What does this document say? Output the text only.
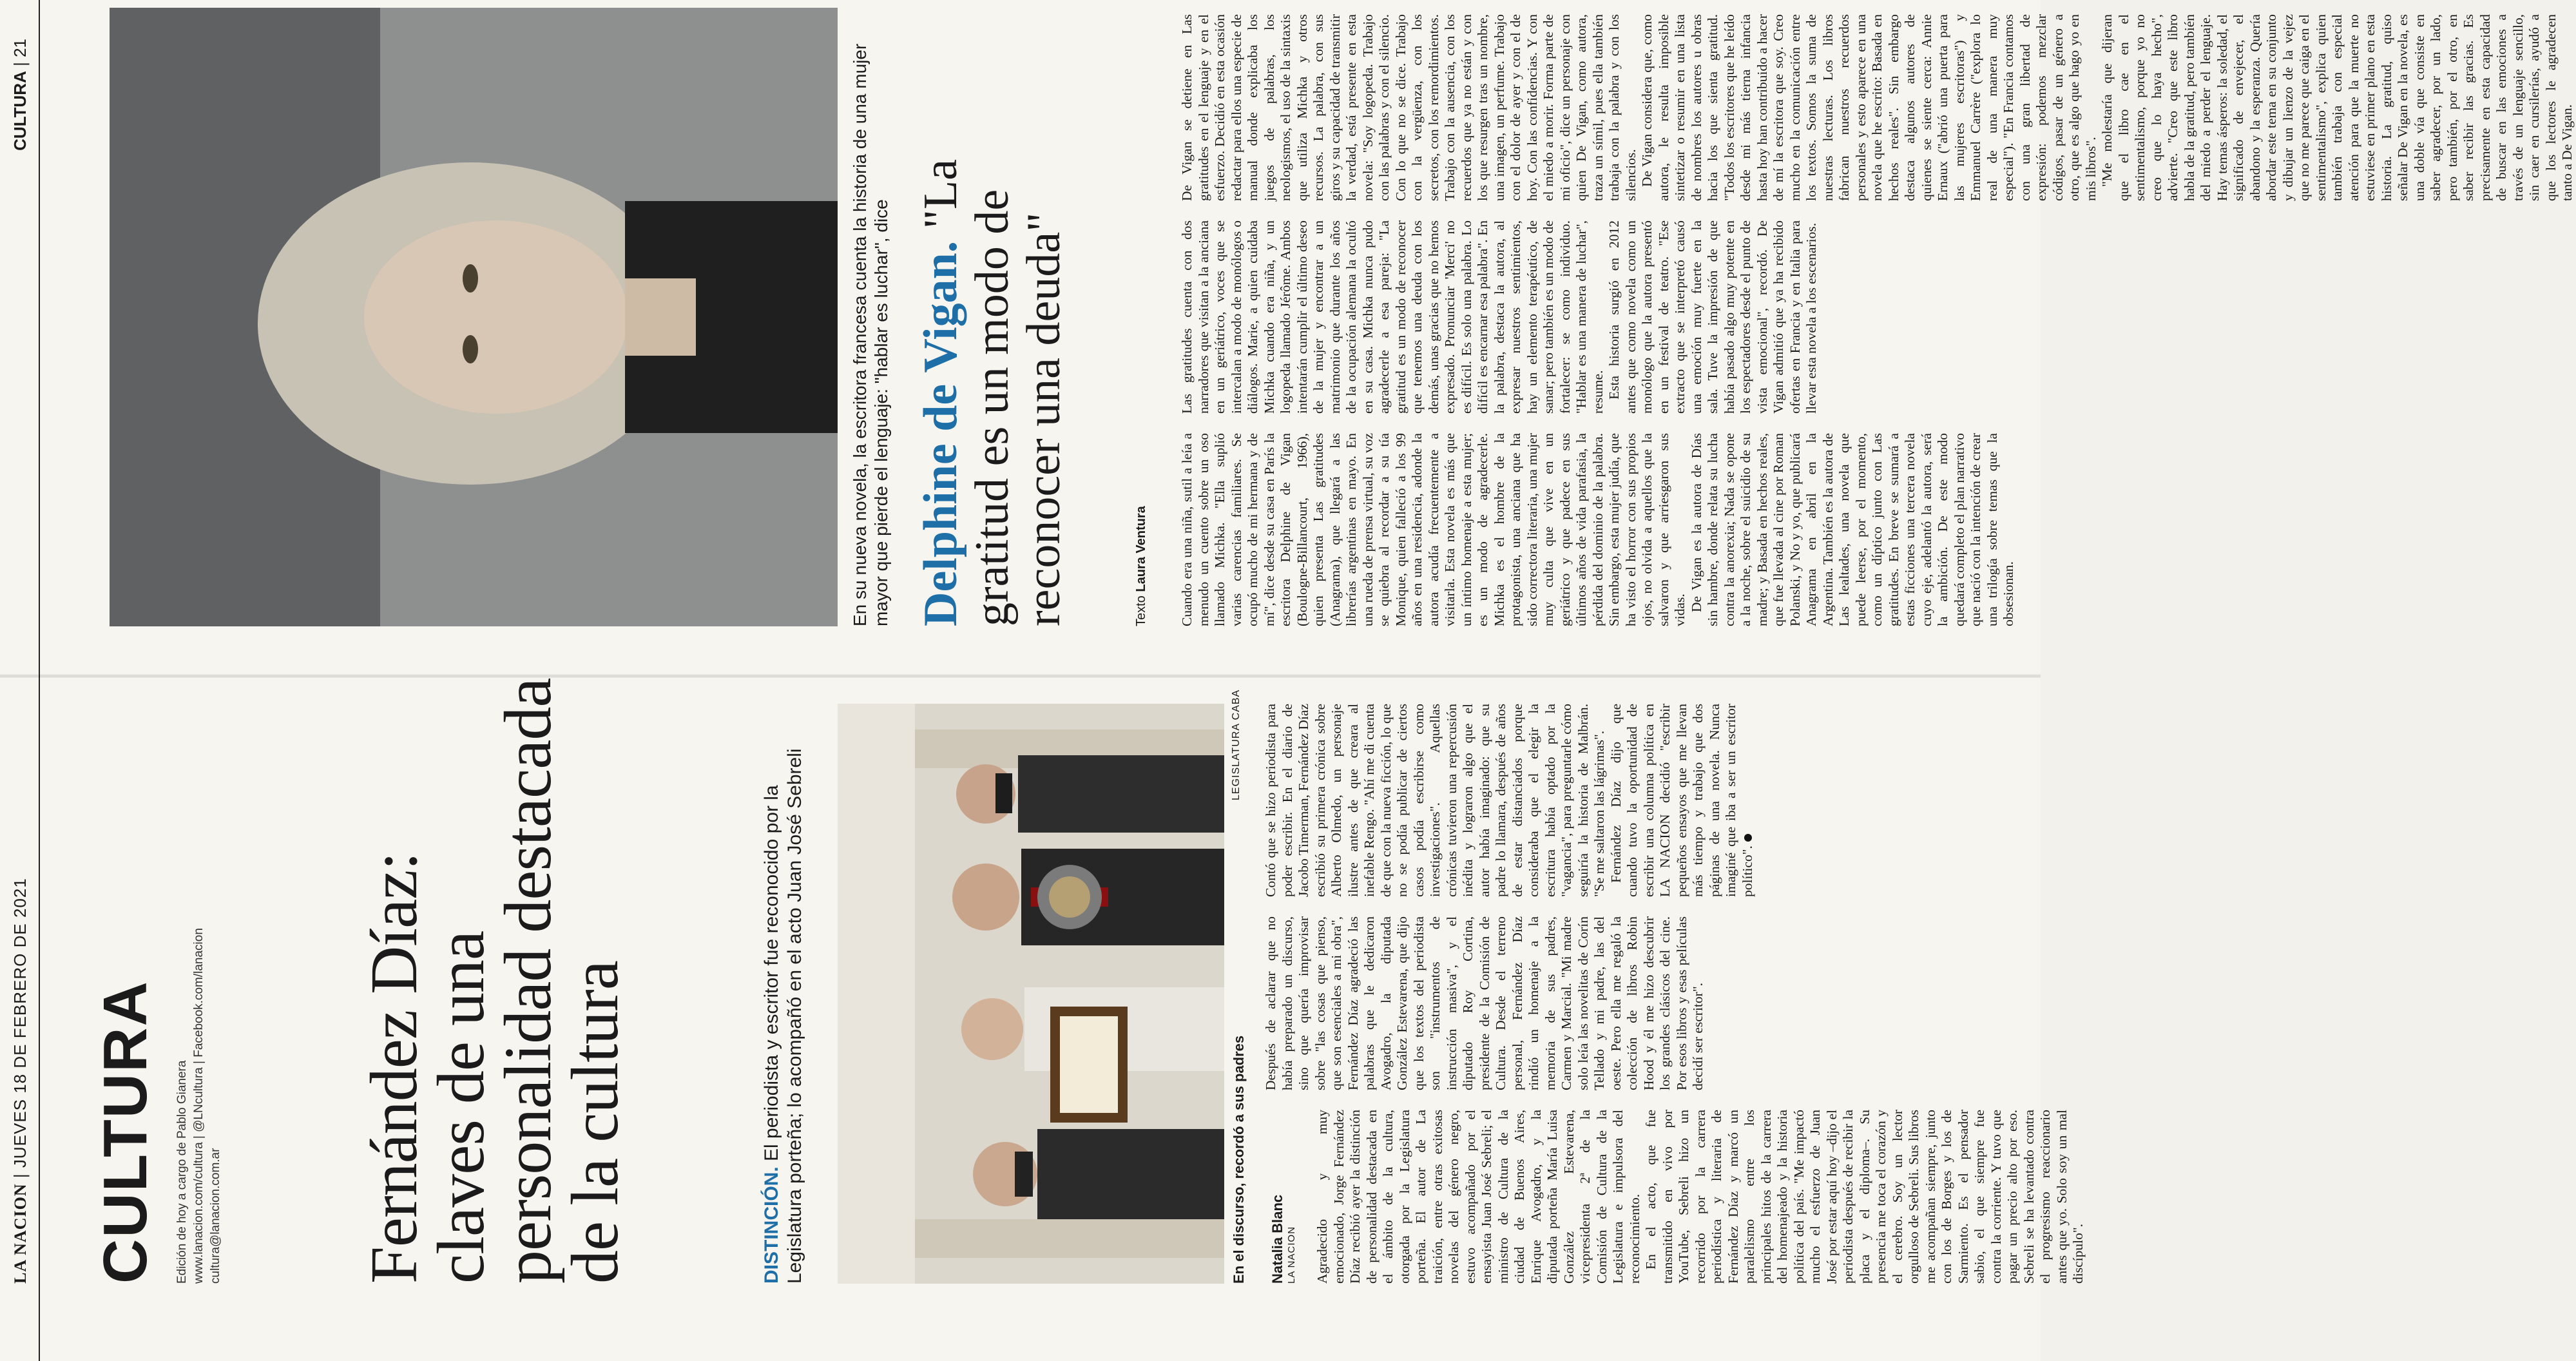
LA NACION | JUEVES 18 DE FEBRERO DE 2021
CULTURA | 21
CULTURA Edición de hoy a cargo de Pablo Gianera www.lanacion.com/cultura | @LNcultura | Facebook.com/lanacion cultura@lanacion.com.ar Fernández Díaz: claves de una personalidad destacada de la cultura	DISTINCIÓN. El periodista y escritor fue reconocido por la Legislatura porteña; lo acompañó en el acto Juan José Sebreli	En el discurso, recordó a sus padres
LEGISLATURA CABA
Natalia Blanc LA NACION Agradecido y muy emocionado, Jorge Fernández Díaz recibió ayer la distinción de personalidad destacada en el ámbito de la cultura, otorgada por la Legislatura porteña. El autor de La traición, entre otras exitosas novelas del género negro, estuvo acompañado por el ensayista Juan José Sebreli; el ministro de Cultura de la ciudad de Buenos Aires, Enrique Avogadro, y la diputada porteña María Luisa González Estevarena, vicepresidenta 2ª de la Comisión de Cultura de la Legislatura e impulsora del reconocimiento. En el acto, que fue transmitido en vivo por YouTube, Sebreli hizo un recorrido por la carrera periodística y literaria de Fernández Díaz y marcó un paralelismo entre los principales hitos de la carrera del homenajeado y la historia política del país. "Me impactó mucho el esfuerzo de Juan José por estar aquí hoy –dijo el periodista después de recibir la placa y el diploma–. Su presencia me toca el corazón y el cerebro. Soy un lector orgulloso de Sebreli. Sus libros me acompañan siempre, junto con los de Borges y los de Sarmiento. Es el pensador sabio, el que siempre fue contra la corriente. Y tuvo que pagar un precio alto por eso. Sebreli se ha levantado contra el progresismo reaccionario antes que yo. Solo soy un mal discípulo".

Después de aclarar que no había preparado un discurso, sino que quería improvisar sobre "las cosas que pienso, que son esenciales a mi obra", Fernández Díaz agradeció las palabras que le dedicaron Avogadro, la diputada González Estevarena, que dijo que los textos del periodista son "instrumentos de instrucción masiva", y el diputado Roy Cortina, presidente de la Comisión de Cultura. Desde el terreno personal, Fernández Díaz rindió un homenaje a la memoria de sus padres, Carmen y Marcial. "Mi madre solo leía las novelitas de Corín Tellado y mi padre, las del oeste. Pero ella me regaló la colección de libros Robin Hood y él me hizo descubrir los grandes clásicos del cine. Por esos libros y esas películas decidí ser escritor".

Contó que se hizo periodista para poder escribir. En el diario de Jacobo Timerman, Fernández Díaz escribió su primera crónica sobre Alberto Olmedo, un personaje ilustre antes de que creara al inefable Rengo. "Ahí me di cuenta de que con la nueva ficción, lo que no se podía publicar de ciertos casos podía escribirse como investigaciones". Aquellas crónicas tuvieron una repercusión inédita y lograron algo que el autor había imaginado: que su padre lo llamara, después de años de estar distanciados porque consideraba que el elegir la escritura había optado por la "vagancia", para preguntarle cómo seguiría la historia de Malbrán. "Se me saltaron las lágrimas". Fernández Díaz dijo que cuando tuvo la oportunidad de escribir una columna política en LA NACION decidió "escribir pequeños ensayos que me llevan más tiempo y trabajo que dos páginas de una novela. Nunca imaginé que iba a ser un escritor político".

En su nueva novela, la escritora francesa cuenta la historia de una mujer mayor que pierde el lenguaje: "hablar es luchar", dice Delphine de Vigan. "La gratitud es un modo de reconocer una deuda"	Texto Laura Ventura Cuando era una niña, sutil a leía a menudo un cuento sobre un oso llamado Michka. "Ella suplió varias carencias familiares. Se ocupó mucho de mi hermana y de mí", dice desde su casa en París la escritora Delphine de Vigan (Boulogne-Billancourt, 1966), quien presenta Las gratitudes (Anagrama), que llegará a las librerías argentinas en mayo. En una rueda de prensa virtual, su voz se quiebra al recordar a su tía Monique, quien falleció a los 99 años en una residencia, adonde la autora acudía frecuentemente a visitarla. Esta novela es más que un íntimo homenaje a esta mujer; es un modo de agradecerle. Michka es el hombre de la protagonista, una anciana que ha sido correctora literaria, una mujer muy culta que vive en un geriátrico y que padece en sus últimos años de vida parafasia, la pérdida del dominio de la palabra. Sin embargo, esta mujer judía, que ha visto el horror con sus propios ojos, no olvida a aquellos que la salvaron y que arriesgaron sus vidas. De Vigan es la autora de Días sin hambre, donde relata su lucha contra la anorexia; Nada se opone a la noche, sobre el suicidio de su madre; y Basada en hechos reales, que fue llevada al cine por Roman Polanski, y No y yo, que publicará Anagrama en abril en la Argentina. También es la autora de Las lealtades, una novela que puede leerse, por el momento, como un díptico junto con Las gratitudes. En breve se sumará a estas ficciones una tercera novela cuyo eje, adelantó la autora, será la ambición. De este modo quedará completo el plan narrativo que nació con la intención de crear una trilogía sobre temas que la obsesionan.

Las gratitudes cuenta con dos narradores que visitan a la anciana en un geriátrico, voces que se intercalan a modo de monólogos o diálogos. Marie, a quien cuidaba Michka cuando era niña, y un logopeda llamado Jérôme. Ambos intentarán cumplir el último deseo de la mujer y encontrar a un matrimonio que durante los años de la ocupación alemana la ocultó en su casa. Michka nunca pudo agradecerle a esa pareja: "La gratitud es un modo de reconocer que tenemos una deuda con los demás, unas gracias que no hemos expresado. Pronunciar 'Merci' no es difícil. Es solo una palabra. Lo difícil es encarnar esa palabra". En la palabra, destaca la autora, al expresar nuestros sentimientos, hay un elemento terapéutico, de sanar; pero también es un modo de fortalecer: se como individuo. "Hablar es una manera de luchar", resume. Esta historia surgió en 2012 antes que como novela como un monólogo que la autora presentó en un festival de teatro. "Ese extracto que se interpretó causó una emoción muy fuerte en la sala. Tuve la impresión de que había pasado algo muy potente en los espectadores desde el punto de vista emocional", recordó. De Vigan admitió que ya ha recibido ofertas en Francia y en Italia para llevar esta novela a los escenarios.

De Vigan se detiene en Las gratitudes en el lenguaje y en el esfuerzo. Decidió en esta ocasión redactar para ellos una especie de manual donde explicaba los juegos de palabras, los neologismos, el uso de la sintaxis que utiliza Michka y otros recursos. La palabra, con sus giros y su capacidad de transmitir la verdad, está presente en esta novela: "Soy logopeda. Trabajo con las palabras y con el silencio. Con lo que no se dice. Trabajo con la vergüenza, con los secretos, con los remordimientos. Trabajo con la ausencia, con los recuerdos que ya no están y con los que resurgen tras un nombre, una imagen, un perfume. Trabajo con el dolor de ayer y con el de hoy. Con las confidencias. Y con el miedo a morir. Forma parte de mi oficio", dice un personaje con quien De Vigan, como autora, traza un símil, pues ella también trabaja con la palabra y con los silencios. De Vigan considera que, como autora, le resulta imposible sintetizar o resumir en una lista de nombres los autores u obras hacia los que sienta gratitud. "Todos los escritores que he leído desde mi más tierna infancia hasta hoy han contribuido a hacer de mí la escritora que soy. Creo mucho en la comunicación entre los textos. Somos la suma de nuestras lecturas. Los libros fabrican nuestros recuerdos personales y esto aparece en una novela que he escrito: Basada en hechos reales". Sin embargo destaca algunos autores de quienes se siente cerca: Annie Ernaux ("abrió una puerta para las mujeres escritoras") y Emmanuel Carrère ("explora lo real de una manera muy especial"). "En Francia contamos con una gran libertad de expresión: podemos mezclar códigos, pasar de un género a otro, que es algo que hago yo en mis libros". "Me molestaría que dijeran que el libro cae en el sentimentalismo, porque yo no creo que lo haya hecho", advierte. "Creo que este libro habla de la gratitud, pero también del miedo a perder el lenguaje. Hay temas ásperos: la soledad, el significado de envejecer, el abandono y la esperanza. Quería abordar este tema en su conjunto y dibujar un lienzo de la vejez que no me parece que caiga en el sentimentalismo", explica quien también trabaja con especial atención para que la muerte no estuviese en primer plano en esta historia. La gratitud, quiso señalar De Vigan en la novela, es una doble vía que consiste en saber agradecer, por un lado, pero también, por el otro, en saber recibir las gracias. Es precisamente en esta capacidad de buscar en las emociones a través de un lenguaje sencillo, sin caer en cursilerías, ayudó a que los lectores le agradecen tanto a De Vigan.
